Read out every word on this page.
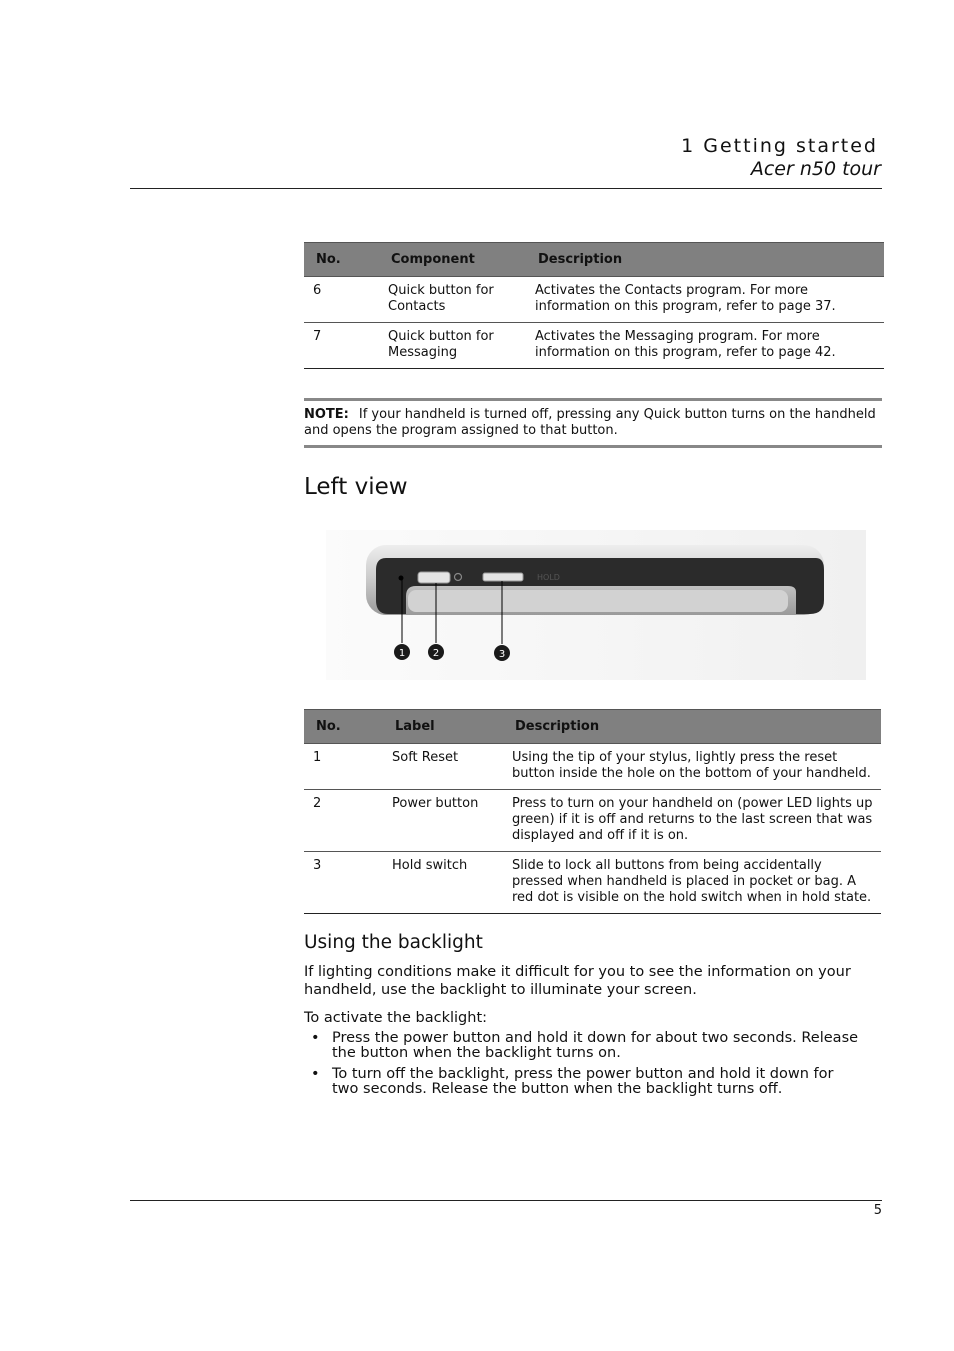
1 Getting started
Acer n50 tour
No.	Component	Description
6	Quick button for Contacts	Activates the Contacts program. For more information on this program, refer to page 37.
7	Quick button for Messaging	Activates the Messaging program. For more information on this program, refer to page 42.
NOTE: If your handheld is turned off, pressing any Quick button turns on the handheld and opens the program assigned to that button.
Left view
HOLD
1	2	3
No.	Label	Description
1	Soft Reset	Using the tip of your stylus, lightly press the reset button inside the hole on the bottom of your handheld.
2	Power button	Press to turn on your handheld on (power LED lights up green) if it is off and returns to the last screen that was displayed and off if it is on.
3	Hold switch	Slide to lock all buttons from being accidentally pressed when handheld is placed in pocket or bag. A red dot is visible on the hold switch when in hold state.
Using the backlight
If lighting conditions make it difficult for you to see the information on your handheld, use the backlight to illuminate your screen.
To activate the backlight:
• Press the power button and hold it down for about two seconds. Release the button when the backlight turns on.
• To turn off the backlight, press the power button and hold it down for two seconds. Release the button when the backlight turns off.
5
